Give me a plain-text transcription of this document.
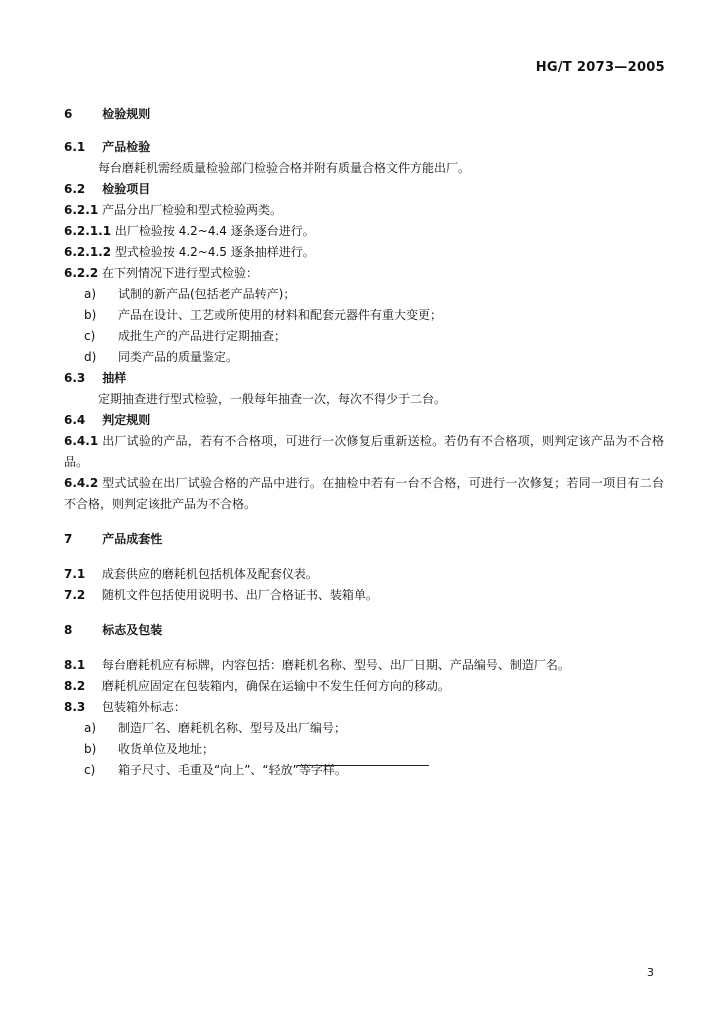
HG/T 2073—2005

6 检验规则

6.1 产品检验

每台磨耗机需经质量检验部门检验合格并附有质量合格文件方能出厂。

6.2 检验项目

6.2.1 产品分出厂检验和型式检验两类。

6.2.1.1 出厂检验按 4.2~4.4 逐条逐台进行。

6.2.1.2 型式检验按 4.2~4.5 逐条抽样进行。

6.2.2 在下列情况下进行型式检验：

a) 试制的新产品(包括老产品转产)；

b) 产品在设计、工艺或所使用的材料和配套元器件有重大变更；

c) 成批生产的产品进行定期抽查；

d) 同类产品的质量鉴定。

6.3 抽样

定期抽查进行型式检验，一般每年抽查一次，每次不得少于二台。

6.4 判定规则

6.4.1 出厂试验的产品，若有不合格项，可进行一次修复后重新送检。若仍有不合格项，则判定该产品为不合格品。

6.4.2 型式试验在出厂试验合格的产品中进行。在抽检中若有一台不合格，可进行一次修复；若同一项目有二台不合格，则判定该批产品为不合格。

7 产品成套性

7.1 成套供应的磨耗机包括机体及配套仪表。

7.2 随机文件包括使用说明书、出厂合格证书、装箱单。

8 标志及包装

8.1 每台磨耗机应有标牌，内容包括：磨耗机名称、型号、出厂日期、产品编号、制造厂名。

8.2 磨耗机应固定在包装箱内，确保在运输中不发生任何方向的移动。

8.3 包装箱外标志：

a) 制造厂名、磨耗机名称、型号及出厂编号；

b) 收货单位及地址；

c) 箱子尺寸、毛重及“向上”、“轻放”等字样。

3
